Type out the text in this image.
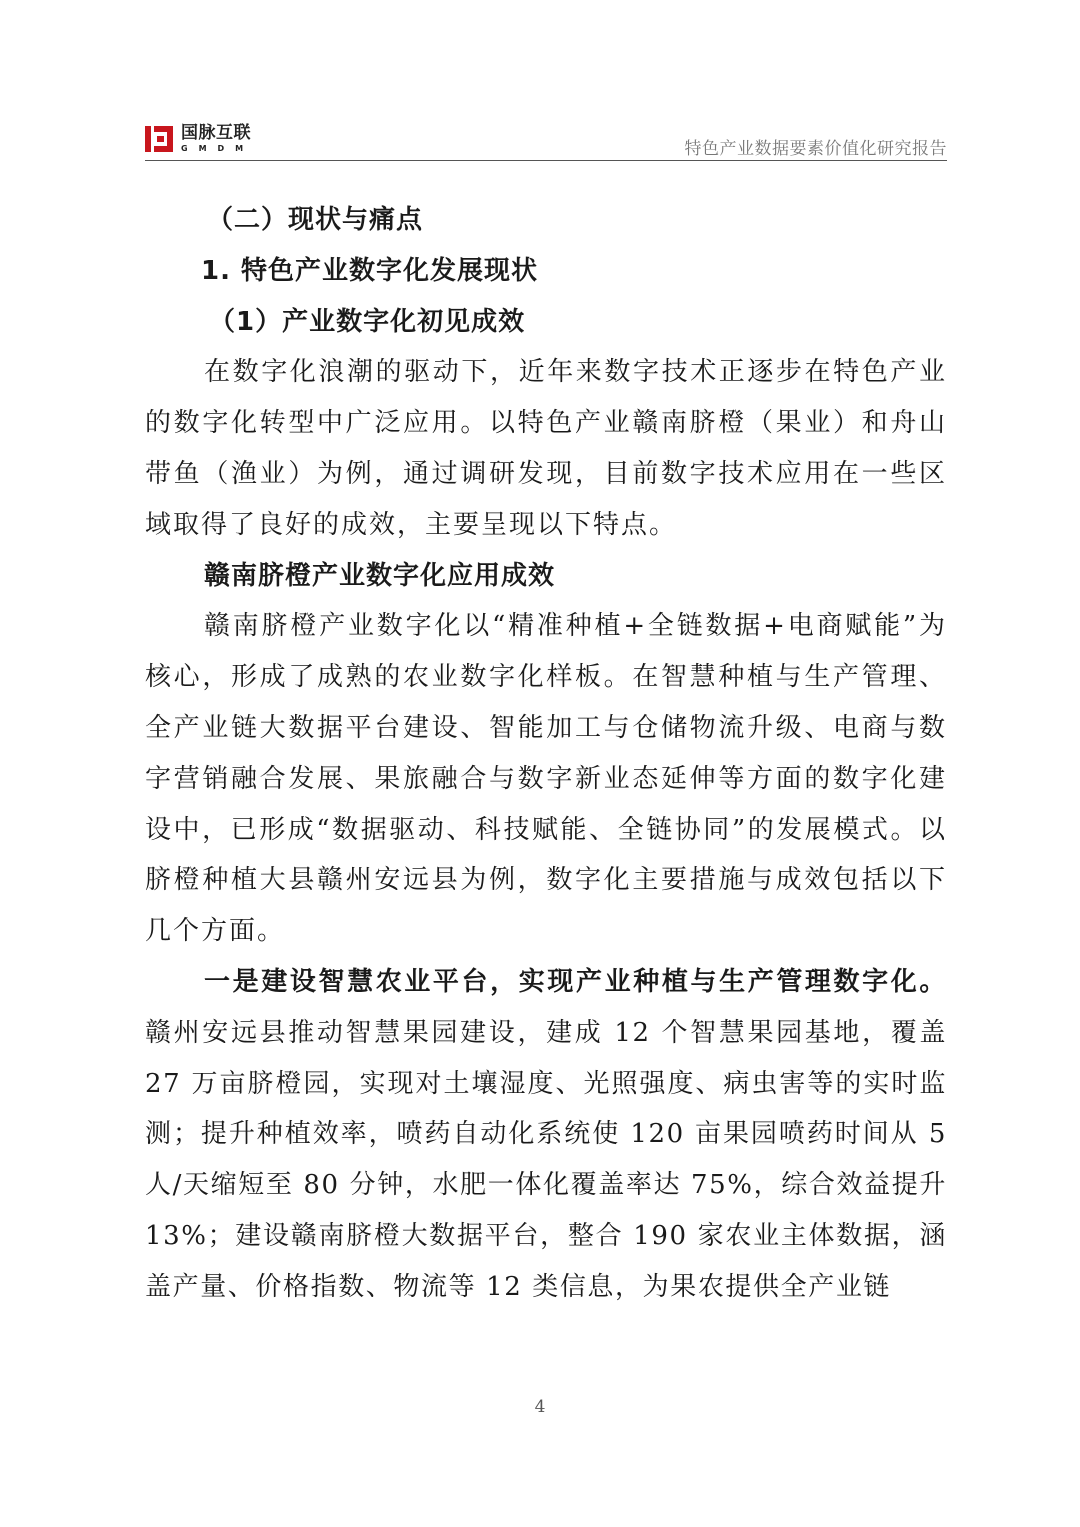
国脉互联
GMDM	特色产业数据要素价值化研究报告
（二）现状与痛点
1. 特色产业数字化发展现状
（1）产业数字化初见成效

在数字化浪潮的驱动下，近年来数字技术正逐步在特色产业的数字化转型中广泛应用。以特色产业赣南脐橙（果业）和舟山带鱼（渔业）为例，通过调研发现，目前数字技术应用在一些区域取得了良好的成效，主要呈现以下特点。

赣南脐橙产业数字化应用成效

赣南脐橙产业数字化以“精准种植+全链数据+电商赋能”为核心，形成了成熟的农业数字化样板。在智慧种植与生产管理、全产业链大数据平台建设、智能加工与仓储物流升级、电商与数字营销融合发展、果旅融合与数字新业态延伸等方面的数字化建设中，已形成“数据驱动、科技赋能、全链协同”的发展模式。以脐橙种植大县赣州安远县为例，数字化主要措施与成效包括以下几个方面。

一是建设智慧农业平台，实现产业种植与生产管理数字化。赣州安远县推动智慧果园建设，建成 12 个智慧果园基地，覆盖 27 万亩脐橙园，实现对土壤湿度、光照强度、病虫害等的实时监测；提升种植效率，喷药自动化系统使 120 亩果园喷药时间从 5 人/天缩短至 80 分钟，水肥一体化覆盖率达 75%，综合效益提升 13%；建设赣南脐橙大数据平台，整合 190 家农业主体数据，涵盖产量、价格指数、物流等 12 类信息，为果农提供全产业链

4
